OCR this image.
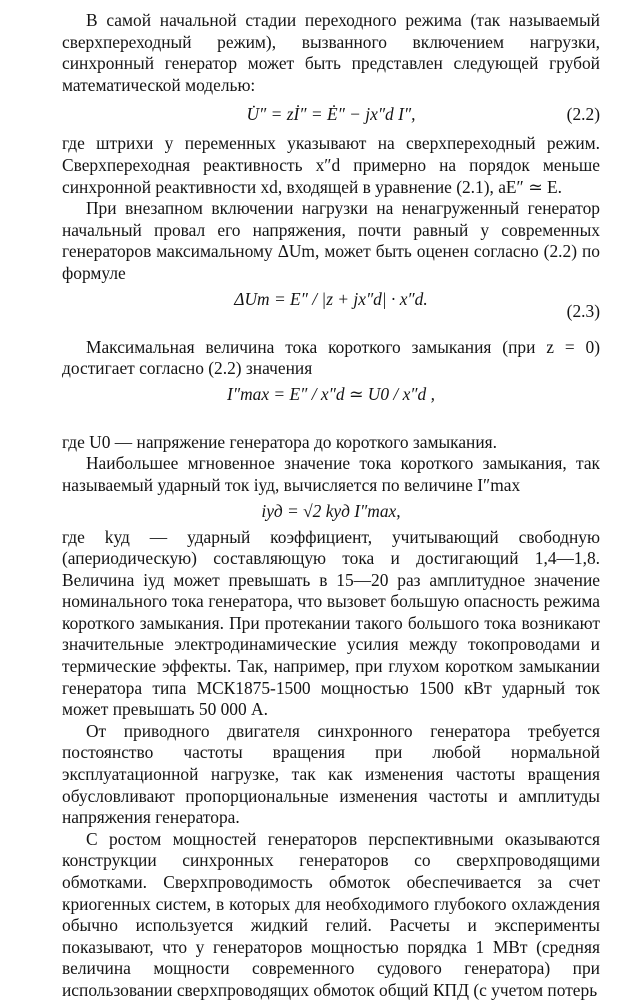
В самой начальной стадии переходного режима (так называемый сверхпереходный режим), вызванного включением нагрузки, синхронный генератор может быть представлен следующей грубой математической моделью:

U̇″ = zİ″ = Ė″ − jx″d I″,	(2.2)

где штрихи у переменных указывают на сверхпереходный режим. Сверхпереходная реактивность x″d примерно на порядок меньше синхронной реактивности xd, входящей в уравнение (2.1), aE″ ≃ E.

При внезапном включении нагрузки на ненагруженный генератор начальный провал его напряжения, почти равный у современных генераторов максимальному ΔUm, может быть оценен согласно (2.2) по формуле

ΔUm = E″ / |z + jx″d| · x″d.
(2.3)

Максимальная величина тока короткого замыкания (при z = 0) достигает согласно (2.2) значения

I″max = E″ / x″d ≃ U0 / x″d ,

где U0 — напряжение генератора до короткого замыкания.

Наибольшее мгновенное значение тока короткого замыкания, так называемый ударный ток iуд, вычисляется по величине I″max

iуд = √2 kуд I″max,

где kуд — ударный коэффициент, учитывающий свободную (апериодическую) составляющую тока и достигающий 1,4—1,8. Величина iуд может превышать в 15—20 раз амплитудное значение номинального тока генератора, что вызовет большую опасность режима короткого замыкания. При протекании такого большого тока возникают значительные электродинамические усилия между токопроводами и термические эффекты. Так, например, при глухом коротком замыкании генератора типа МСК1875-1500 мощностью 1500 кВт ударный ток может превышать 50 000 А.

От приводного двигателя синхронного генератора требуется постоянство частоты вращения при любой нормальной эксплуатационной нагрузке, так как изменения частоты вращения обусловливают пропорциональные изменения частоты и амплитуды напряжения генератора.

С ростом мощностей генераторов перспективными оказываются конструкции синхронных генераторов со сверхпроводящими обмотками. Сверхпроводимость обмоток обеспечивается за счет криогенных систем, в которых для необходимого глубокого охлаждения обычно используется жидкий гелий. Расчеты и эксперименты показывают, что у генераторов мощностью порядка 1 МВт (средняя величина мощности современного судового генератора) при использовании сверхпроводящих обмоток общий КПД (с учетом потерь
